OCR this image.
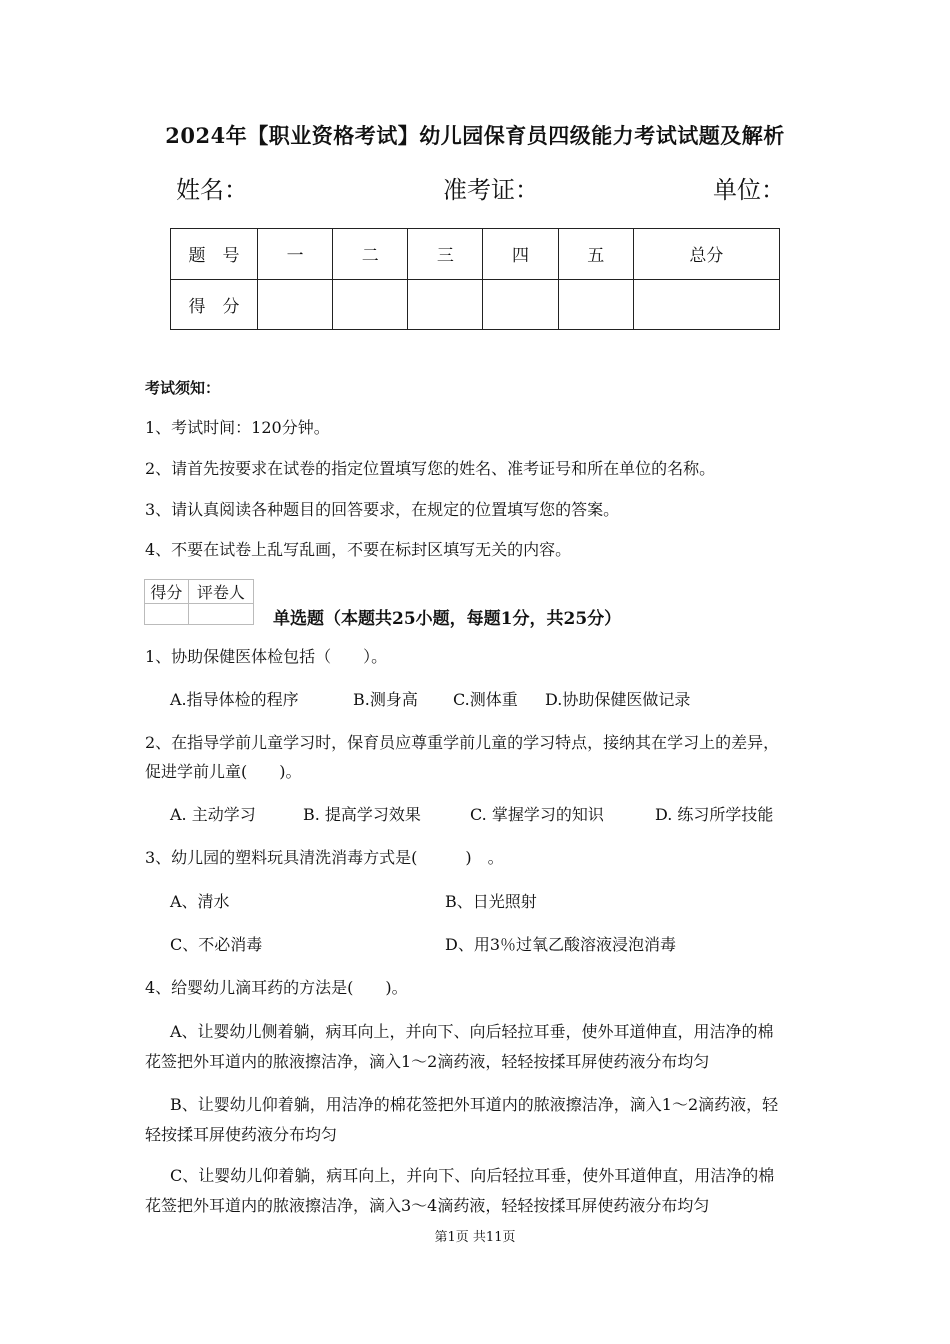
2024年【职业资格考试】幼儿园保育员四级能力考试试题及解析
姓名：	准考证：	单位：
题　号	一	二	三	四	五	总分
得　分						
考试须知：
1、考试时间：120分钟。
2、请首先按要求在试卷的指定位置填写您的姓名、准考证号和所在单位的名称。
3、请认真阅读各种题目的回答要求，在规定的位置填写您的答案。
4、不要在试卷上乱写乱画，不要在标封区填写无关的内容。
得分	评卷人

单选题（本题共25小题，每题1分，共25分）
1、协助保健医体检包括（　　）。
A.指导体检的程序	B.测身高 C.测体重 D.协助保健医做记录
2、在指导学前儿童学习时，保育员应尊重学前儿童的学习特点，接纳其在学习上的差异，
促进学前儿童(　　)。
A. 主动学习	B. 提高学习效果	C. 掌握学习的知识	D. 练习所学技能
3、幼儿园的塑料玩具清洗消毒方式是(　　　)　。
A、清水	B、日光照射
C、不必消毒	D、用3％过氧乙酸溶液浸泡消毒
4、给婴幼儿滴耳药的方法是(　　)。
A、让婴幼儿侧着躺，病耳向上，并向下、向后轻拉耳垂，使外耳道伸直，用洁净的棉
花签把外耳道内的脓液擦洁净，滴入1～2滴药液，轻轻按揉耳屏使药液分布均匀
B、让婴幼儿仰着躺，用洁净的棉花签把外耳道内的脓液擦洁净，滴入1～2滴药液，轻
轻按揉耳屏使药液分布均匀
C、让婴幼儿仰着躺，病耳向上，并向下、向后轻拉耳垂，使外耳道伸直，用洁净的棉
花签把外耳道内的脓液擦洁净，滴入3～4滴药液，轻轻按揉耳屏使药液分布均匀
第1页 共11页
